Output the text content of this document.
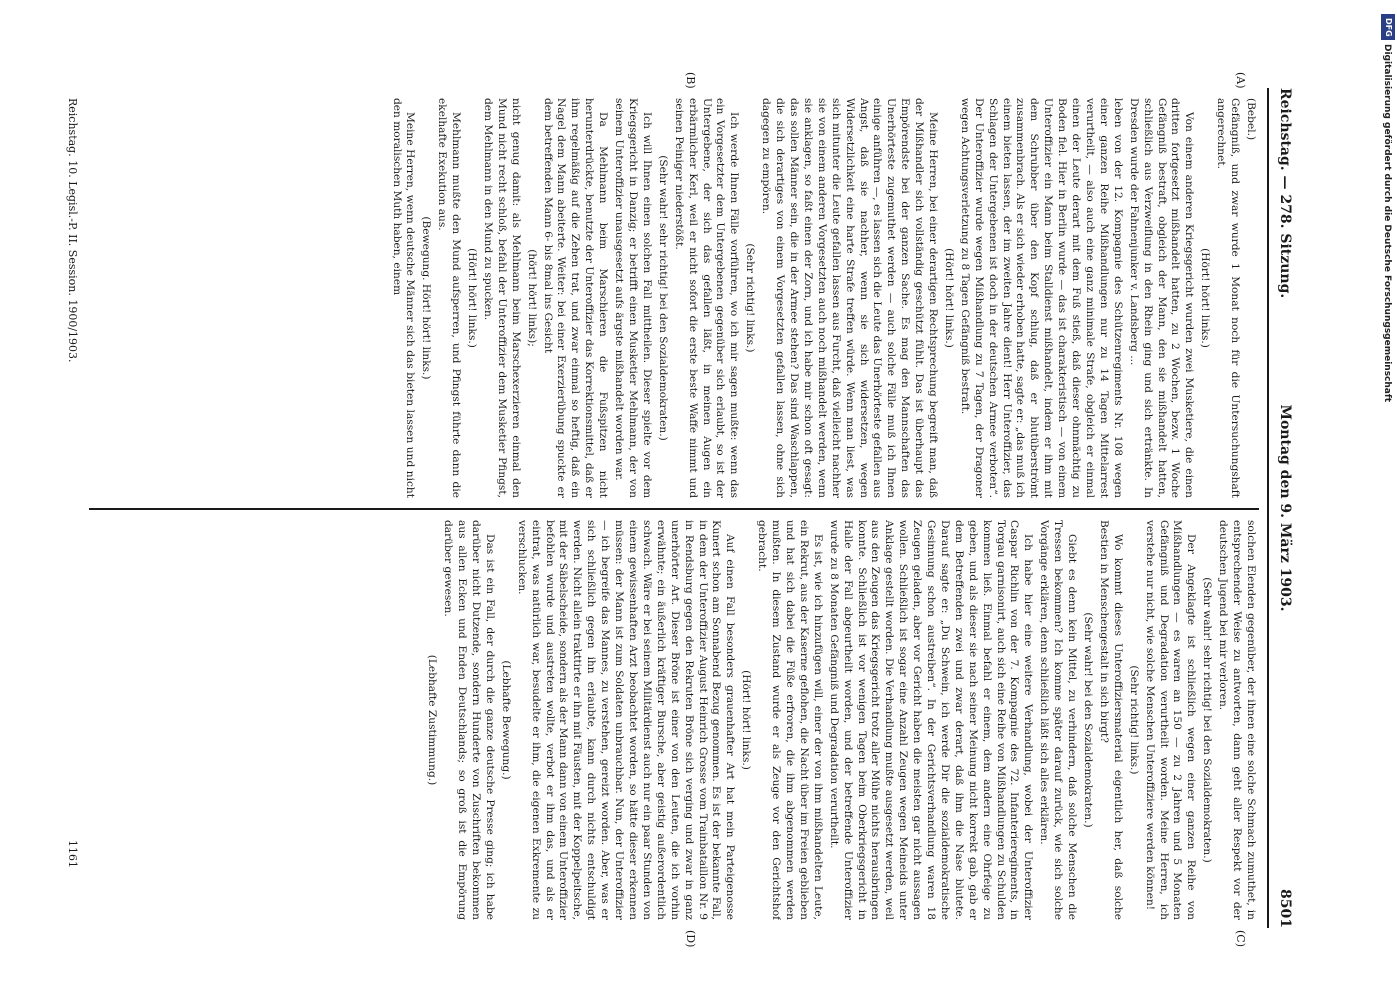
Reichstag. — 278. Sitzung.
Montag den 9. März 1903.
8501
(A)
(B)
(C)
(D)

(Bebel.)

Gefängniß, und zwar wurde 1 Monat noch für die Untersuchungshaft angerechnet.

(Hört! hört! links.)

Von einem anderen Kriegsgericht wurden zwei Musketiere, die einen dritten fortgesetzt mißhandelt hatten, zu 2 Wochen, bezw. 1 Woche Gefängniß bestraft, obgleich der Mann, den sie mißhandelt hatten, schließlich aus Verzweiflung in den Rhein ging und sich ertränkte. In Dresden wurde der Fahnenjunker v. Landsberg ...

leben von der 12. Kompagnie des Schützenregiments Nr. 108 wegen einer ganzen Reihe Mißhandlungen nur zu 14 Tagen Mittelarrest verurtheilt, — also auch eine ganz minimale Strafe, obgleich er einmal einen der Leute derart mit dem Fuß stieß, daß dieser ohnmächtig zu Boden fiel. Hier in Berlin wurde — das ist charakteristisch — von einem Unteroffizier ein Mann beim Stalldienst mißhandelt, indem er ihm mit dem Schrubber über den Kopf schlug, daß er blutüberströmt zusammenbrach. Als er sich wieder erhoben hatte, sagte er: „das muß ich einem bieten lassen, der im zweiten Jahre dient! Herr Unteroffizier, das Schlagen der Untergebenen ist doch in der deutschen Armee verboten“. Der Unteroffizier wurde wegen Mißhandlung zu 7 Tagen, der Dragoner wegen Achtungsverletzung zu 8 Tagen Gefängniß bestraft.

(Hört! hört! links.)

Meine Herren, bei einer derartigen Rechtsprechung begreift man, daß der Mißhandler sich vollständig geschützt fühlt. Das ist überhaupt das Empörendste bei der ganzen Sache. Es mag den Mannschaften das Unerhörteste zugemuthet werden — auch solche Fälle muß ich Ihnen einige anführen —, es lassen sich die Leute das Unerhörteste gefallen aus Angst, daß sie nachher, wenn sie sich widersetzen, wegen Widersetzlichkeit eine harte Strafe treffen würde. Wenn man liest, was sich mitunter die Leute gefallen lassen aus Furcht, daß vielleicht nachher sie von einem anderen Vorgesetzten auch noch mißhandelt werden, wenn sie anklagen, so faßt einen der Zorn, und ich habe mir schon oft gesagt: das sollen Männer sein, die in der Armee stehen? Das sind Waschlappen, die sich derartiges von einem Vorgesetzten gefallen lassen, ohne sich dagegen zu empören.

(Sehr richtig! links.)

Ich werde Ihnen Fälle vorführen, wo ich mir sagen mußte: wenn das ein Vorgesetzter dem Untergebenen gegenüber sich erlaubt, so ist der Untergebene, der sich das gefallen läßt, in meinen Augen ein erbärmlicher Kerl, weil er nicht sofort die erste beste Waffe nimmt und seinen Peiniger niederstößt.

(Sehr wahr! sehr richtig! bei den Sozialdemokraten.)

Ich will Ihnen einen solchen Fall mittheilen. Dieser spielte vor dem Kriegsgericht in Danzig; er betrifft einen Musketier Mehlmann, der von seinem Unteroffizier unausgesetzt aufs ärgste mißhandelt worden war.

Da Mehlmann beim Marschieren die Fußspitzen nicht herunterdrückte, benutzte der Unteroffizier das Korrektionsmittel, daß er ihm regelmäßig auf die Zehen trat, und zwar einmal so heftig, daß ein Nagel dem Mann abeiterte. Weiter: bei einer Exerzierübung spuckte er dem betreffenden Mann 6- bis 8mal ins Gesicht

(hört! hört! links);

nicht genug damit: als Mehlmann beim Marschexerzieren einmal den Mund nicht recht schloß, befahl der Unteroffizier dem Musketier Pfingst, dem Mehlmann in den Mund zu spucken.

(Hört! hört! links.)

Mehlmann mußte den Mund aufsperren, und Pfingst führte dann die ekelhafte Exekution aus.

(Bewegung. Hört! hört! links.)

Meine Herren, wenn deutsche Männer sich das bieten lassen und nicht den moralischen Muth haben, einem

solchen Elenden gegenüber, der ihnen eine solche Schmach zumuthet, in entsprechender Weise zu antworten, dann geht aller Respekt vor der deutschen Jugend bei mir verloren.

(Sehr wahr! sehr richtig! bei den Sozialdemokraten.)

Der Angeklagte ist schließlich wegen einer ganzen Reihe von Mißhandlungen — es waren an 150 — zu 2 Jahren und 5 Monaten Gefängniß und Degradation verurtheilt worden. Meine Herren, ich verstehe nur nicht, wie solche Menschen Unteroffiziere werden können!

(Sehr richtig! links.)

Wo kommt dieses Unteroffiziersmaterial eigentlich her, daß solche Bestien in Menschengestalt in sich birgt?

(Sehr wahr! bei den Sozialdemokraten.)

Giebt es denn kein Mittel, zu verhindern, daß solche Menschen die Tressen bekommen? Ich komme später darauf zurück, wie sich solche Vorgänge erklären, denn schließlich läßt sich alles erklären.

Ich habe hier eine weitere Verhandlung, wobei der Unteroffizier Caspar Richlin von der 7. Kompagnie des 72. Infanterieregiments, in Torgau garnisonirt, auch sich eine Reihe von Mißhandlungen zu Schulden kommen ließ. Einmal befahl er einem, dem andern eine Ohrfeige zu geben, und als dieser sie nach seiner Meinung nicht korrekt gab, gab er dem Betreffenden zwei und zwar derart, daß ihm die Nase blutete. Darauf sagte er: „Du Schwein, ich werde Dir die sozialdemokratische Gesinnung schon austreiben“. In der Gerichtsverhandlung waren 18 Zeugen geladen, aber vor Gericht haben die meisten gar nicht aussagen wollen. Schließlich ist sogar eine Anzahl Zeugen wegen Meineids unter Anklage gestellt worden. Die Verhandlung mußte ausgesetzt werden, weil aus den Zeugen das Kriegsgericht trotz aller Mühe nichts herausbringen konnte. Schließlich ist vor wenigen Tagen beim Oberkriegsgericht in Halle der Fall abgeurtheilt worden, und der betreffende Unteroffizier wurde zu 8 Monaten Gefängniß und Degradation verurtheilt.

Es ist, wie ich hinzufügen will, einer der von ihm mißhandelten Leute, ein Rekrut, aus der Kaserne geflohen, die Nacht über im Freien geblieben und hat sich dabei die Füße erfroren, die ihm abgenommen werden mußten. In diesem Zustand wurde er als Zeuge vor den Gerichtshof gebracht.

(Hört! hört! links.)

Auf einen Fall besonders grauenhafter Art hat mein Parteigenosse Kunert schon am Sonnabend Bezug genommen. Es ist der bekannte Fall, in dem der Unteroffizier August Heinrich Grosse vom Trainbataillon Nr. 9 in Rendsburg gegen den Rekruten Bröne sich verging und zwar in ganz unerhörter Art. Dieser Bröne ist einer von den Leuten, die ich vorhin erwähnte; ein äußerlich kräftiger Bursche, aber geistig außerordentlich schwach. Wäre er bei seinem Militärdienst auch nur ein paar Stunden von einem gewissenhaften Arzt beobachtet worden, so hätte dieser erkennen müssen: der Mann ist zum Soldaten unbrauchbar. Nun, der Unteroffizier — ich begreife das Mannes, zu verstehen, gereizt worden. Aber, was er sich schließlich gegen ihn erlaubte, kann durch nichts entschuldigt werden. Nicht allein trakttirte er ihn mit Fäusten, mit der Koppelpeitsche, mit der Säbelscheide, sondern als der Mann dann von einem Unteroffizier befohlen wurde und austreten wollte, verbot er ihm das, und als er eintrat, was natürlich war, besudelte er ihm, die eigenen Exkremente zu verschlucken.

(Lebhafte Bewegung.)

Das ist ein Fall, der durch die ganze deutsche Presse ging; ich habe darüber nicht Dutzende, sondern Hunderte von Zuschriften bekommen aus allen Ecken und Enden Deutschlands; so groß ist die Empörung darüber gewesen.

(Lebhafte Zustimmung.)

Reichstag. 10. Legisl.-P. II. Session. 1900/1903.
1161
DFG
Digitalisierung gefördert durch die Deutsche Forschungsgemeinschaft
